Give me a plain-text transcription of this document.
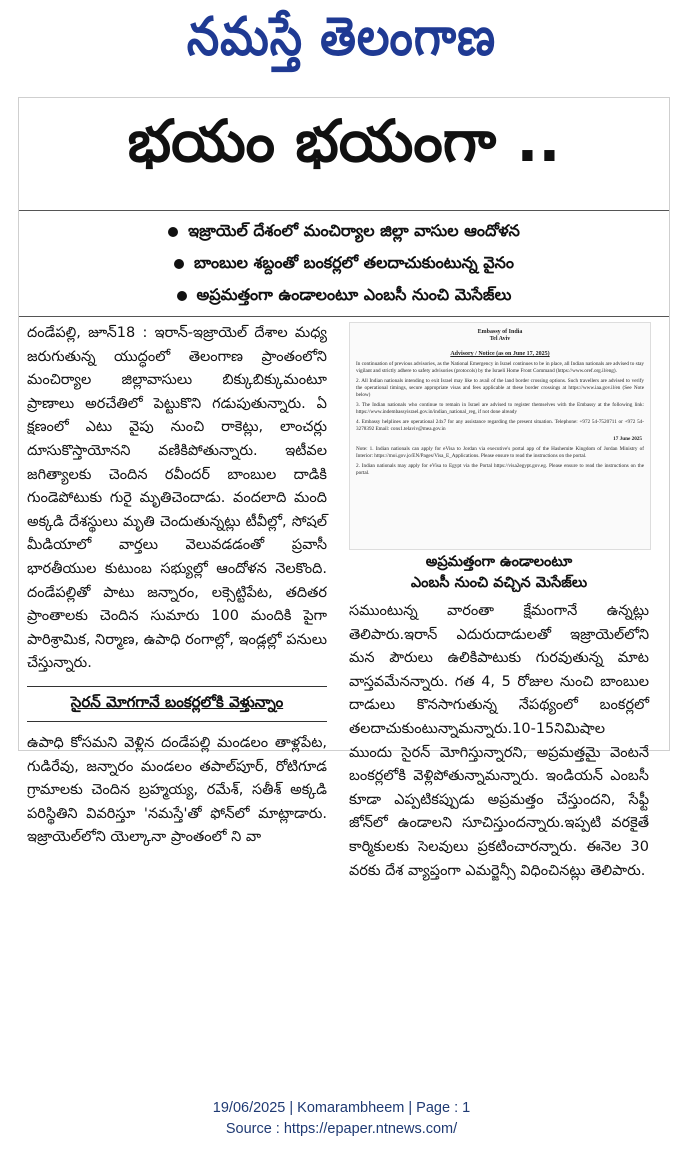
నమస్తే తెలంగాణ
భయం భయంగా ..
ఇజ్రాయెల్ దేశంలో మంచిర్యాల జిల్లా వాసుల ఆందోళన
బాంబుల శబ్దంతో బంకర్లలో తలదాచుకుంటున్న వైనం
అప్రమత్తంగా ఉండాలంటూ ఎంబసీ నుంచి మెసేజ్‌లు

దండేపల్లి, జూన్18 : ఇరాన్-ఇజ్రాయెల్ దేశాల మధ్య జరుగుతున్న యుద్ధంలో తెలంగాణ ప్రాంతంలోని మంచిర్యాల జిల్లావాసులు బిక్కుబిక్కుమంటూ ప్రాణాలు అరచేతిలో పెట్టుకొని గడుపుతున్నారు. ఏ క్షణంలో ఎటు వైపు నుంచి రాకెట్లు, లాంచర్లు దూసుకొస్తాయోనని వణికిపోతున్నారు. ఇటీవల జగిత్యాలకు చెందిన రవీందర్ బాంబుల దాడికి గుండెపోటుకు గురై మృతిచెందాడు. వందలాది మంది అక్కడి దేశస్థులు మృతి చెందుతున్నట్లు టీవీల్లో, సోషల్ మీడియాలో వార్తలు వెలువడడంతో ప్రవాసీ భారతీయుల కుటుంబ సభ్యుల్లో ఆందోళన నెలకొంది. దండేపల్లితో పాటు జన్నారం, లక్సెట్టిపేట, తదితర ప్రాంతాలకు చెందిన సుమారు 100 మందికి పైగా పారిశ్రామిక, నిర్మాణ, ఉపాధి రంగాల్లో, ఇండ్లల్లో పనులు చేస్తున్నారు.

సైరన్ మోగగానే బంకర్లలోకి వెళ్తున్నాం

ఉపాధి కోసమని వెళ్లిన దండేపల్లి మండలం తాళ్లపేట, గుడిరేవు, జన్నారం మండలం తపాల్‌పూర్, రోటిగూడ గ్రామాలకు చెందిన బ్రహ్మయ్య, రమేశ్, సతీశ్ అక్కడి పరిస్థితిని వివరిస్తూ 'నమస్తే'తో ఫోన్‌లో మాట్లాడారు. ఇజ్రాయెల్‌లోని యెల్కానా ప్రాంతంలో ని వా

Embassy of India
Tel Aviv
Advisory / Notice (as on June 17, 2025)

In continuation of previous advisories, as the National Emergency in Israel continues to be in place, all Indian nationals are advised to stay vigilant and strictly adhere to safety advisories (protocols) by the Israeli Home Front Command (https://www.oref.org.il/eng).

2. All Indian nationals intending to exit Israel may like to avail of the land border crossing options. Such travellers are advised to verify the operational timings, secure appropriate visas and fees applicable at these border crossings at https://www.iaa.gov.il/en (See Note below)

3. The Indian nationals who continue to remain in Israel are advised to register themselves with the Embassy at the following link: https://www.indembassyisrael.gov.in/indian_national_reg, if not done already

4. Embassy helplines are operational 24x7 for any assistance regarding the present situation. Telephone: +972 54-7520711 or +972 54-3278392 Email: cons1.telaviv@mea.gov.in

17 June 2025

Note: 1. Indian nationals can apply for eVisa to Jordan via executive's portal app of the Hashemite Kingdom of Jordan Ministry of Interior: https://moi.gov.jo/EN/Pages/Visa_E_Applications. Please ensure to read the instructions on the portal.

2. Indian nationals may apply for eVisa to Egypt via the Portal https://visa2egypt.gov.eg. Please ensure to read the instructions on the portal.

అప్రమత్తంగా ఉండాలంటూ
ఎంబసీ నుంచి వచ్చిన మెసేజ్‌లు

సముంటున్న వారంతా క్షేమంగానే ఉన్నట్లు తెలిపారు.ఇరాన్ ఎదురుదాడులతో ఇజ్రాయెల్‌లోని మన పౌరులు ఉలికిపాటుకు గురవుతున్న మాట వాస్తవమేనన్నారు. గత 4, 5 రోజుల నుంచి బాంబుల దాడులు కొనసాగుతున్న నేపథ్యంలో బంకర్లలో తలదాచుకుంటున్నామన్నారు.10-15నిమిషాల ముందు సైరన్ మోగిస్తున్నారని, అప్రమత్తమై వెంటనే బంకర్లలోకి వెళ్లిపోతున్నామన్నారు. ఇండియన్ ఎంబసీ కూడా ఎప్పటికప్పుడు అప్రమత్తం చేస్తుందని, సేఫ్టీ జోన్‌లో ఉండాలని సూచిస్తుందన్నారు.ఇప్పటి వరకైతే కార్మికులకు సెలవులు ప్రకటించారన్నారు. ఈనెల 30 వరకు దేశ వ్యాప్తంగా ఎమర్జెన్సీ విధించినట్లు తెలిపారు.

19/06/2025 | Komarambheem | Page : 1
Source : https://epaper.ntnews.com/
